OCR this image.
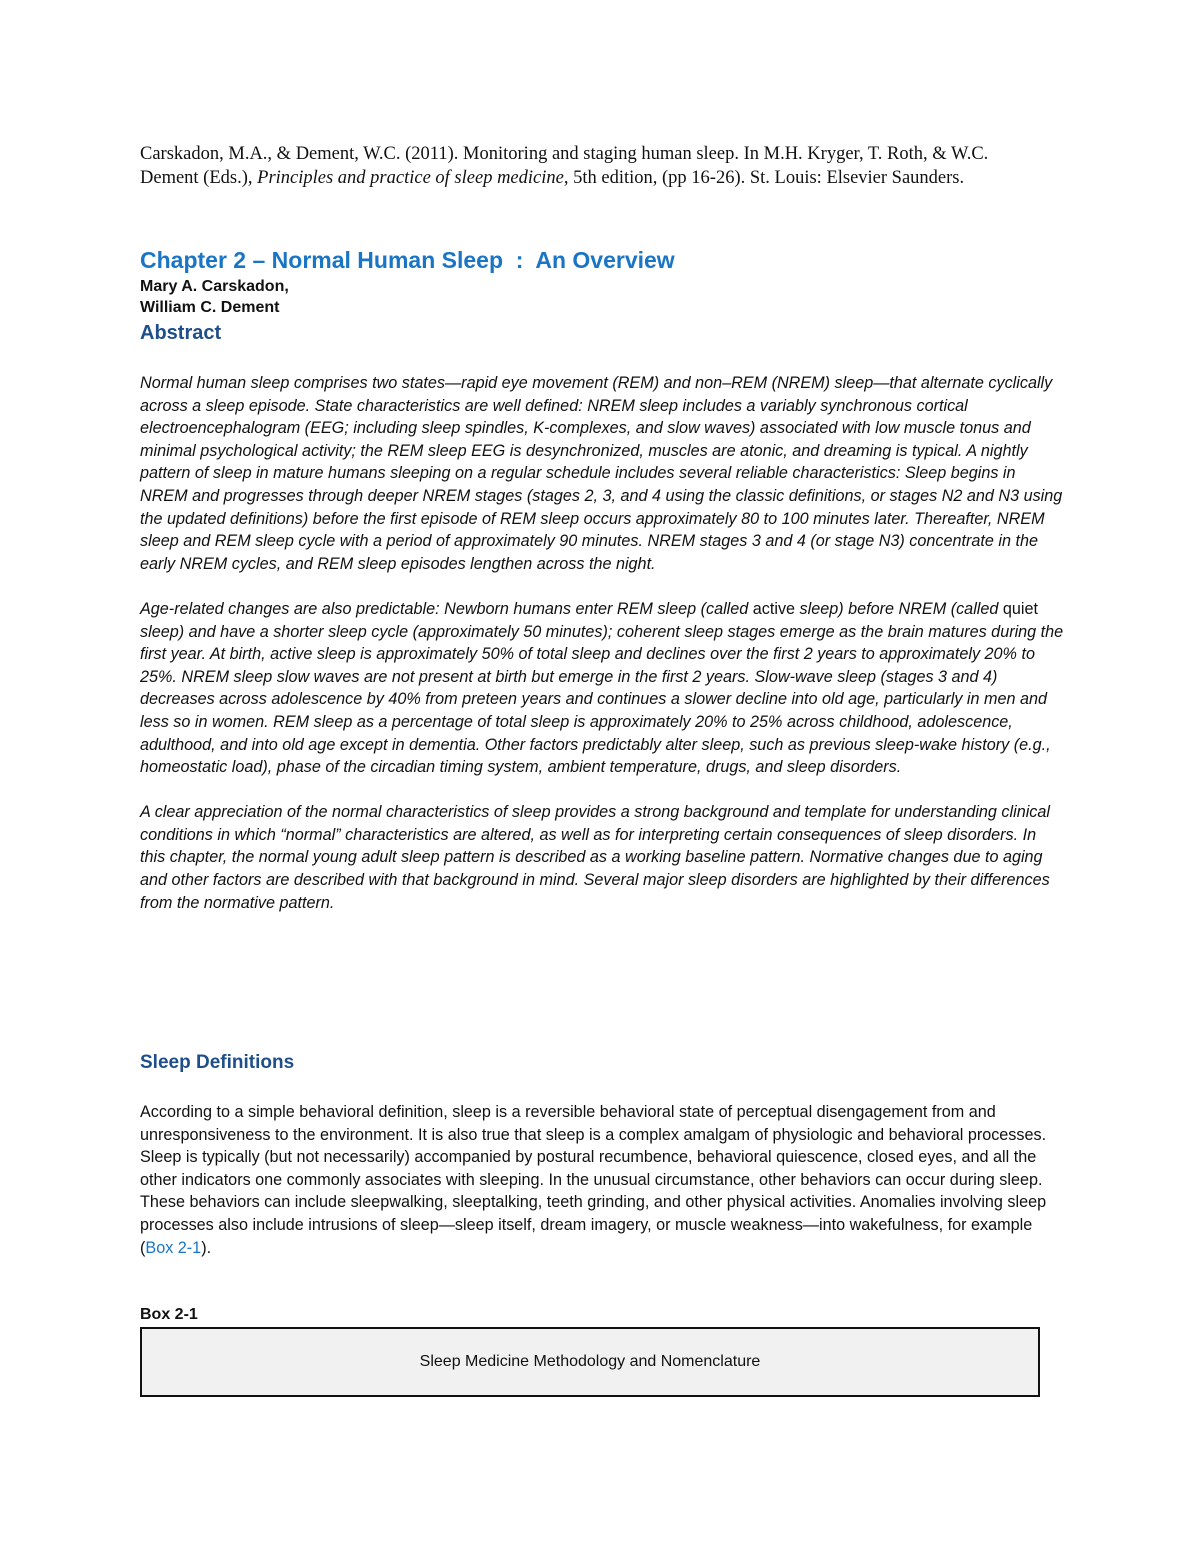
Carskadon, M.A., & Dement, W.C. (2011). Monitoring and staging human sleep. In M.H. Kryger, T. Roth, & W.C. Dement (Eds.), Principles and practice of sleep medicine, 5th edition, (pp 16-26). St. Louis: Elsevier Saunders.

Chapter 2 – Normal Human Sleep  :  An Overview
Mary A. Carskadon,
William C. Dement
Abstract

Normal human sleep comprises two states—rapid eye movement (REM) and non–REM (NREM) sleep—that alternate cyclically across a sleep episode. State characteristics are well defined: NREM sleep includes a variably synchronous cortical electroencephalogram (EEG; including sleep spindles, K-complexes, and slow waves) associated with low muscle tonus and minimal psychological activity; the REM sleep EEG is desynchronized, muscles are atonic, and dreaming is typical. A nightly pattern of sleep in mature humans sleeping on a regular schedule includes several reliable characteristics: Sleep begins in NREM and progresses through deeper NREM stages (stages 2, 3, and 4 using the classic definitions, or stages N2 and N3 using the updated definitions) before the first episode of REM sleep occurs approximately 80 to 100 minutes later. Thereafter, NREM sleep and REM sleep cycle with a period of approximately 90 minutes. NREM stages 3 and 4 (or stage N3) concentrate in the early NREM cycles, and REM sleep episodes lengthen across the night.

Age-related changes are also predictable: Newborn humans enter REM sleep (called active sleep) before NREM (called quiet sleep) and have a shorter sleep cycle (approximately 50 minutes); coherent sleep stages emerge as the brain matures during the first year. At birth, active sleep is approximately 50% of total sleep and declines over the first 2 years to approximately 20% to 25%. NREM sleep slow waves are not present at birth but emerge in the first 2 years. Slow-wave sleep (stages 3 and 4) decreases across adolescence by 40% from preteen years and continues a slower decline into old age, particularly in men and less so in women. REM sleep as a percentage of total sleep is approximately 20% to 25% across childhood, adolescence, adulthood, and into old age except in dementia. Other factors predictably alter sleep, such as previous sleep-wake history (e.g., homeostatic load), phase of the circadian timing system, ambient temperature, drugs, and sleep disorders.

A clear appreciation of the normal characteristics of sleep provides a strong background and template for understanding clinical conditions in which “normal” characteristics are altered, as well as for interpreting certain consequences of sleep disorders. In this chapter, the normal young adult sleep pattern is described as a working baseline pattern. Normative changes due to aging and other factors are described with that background in mind. Several major sleep disorders are highlighted by their differences from the normative pattern.

Sleep Definitions

According to a simple behavioral definition, sleep is a reversible behavioral state of perceptual disengagement from and unresponsiveness to the environment. It is also true that sleep is a complex amalgam of physiologic and behavioral processes. Sleep is typically (but not necessarily) accompanied by postural recumbence, behavioral quiescence, closed eyes, and all the other indicators one commonly associates with sleeping. In the unusual circumstance, other behaviors can occur during sleep. These behaviors can include sleepwalking, sleeptalking, teeth grinding, and other physical activities. Anomalies involving sleep processes also include intrusions of sleep—sleep itself, dream imagery, or muscle weakness—into wakefulness, for example (Box 2-1).

Box 2-1
Sleep Medicine Methodology and Nomenclature
